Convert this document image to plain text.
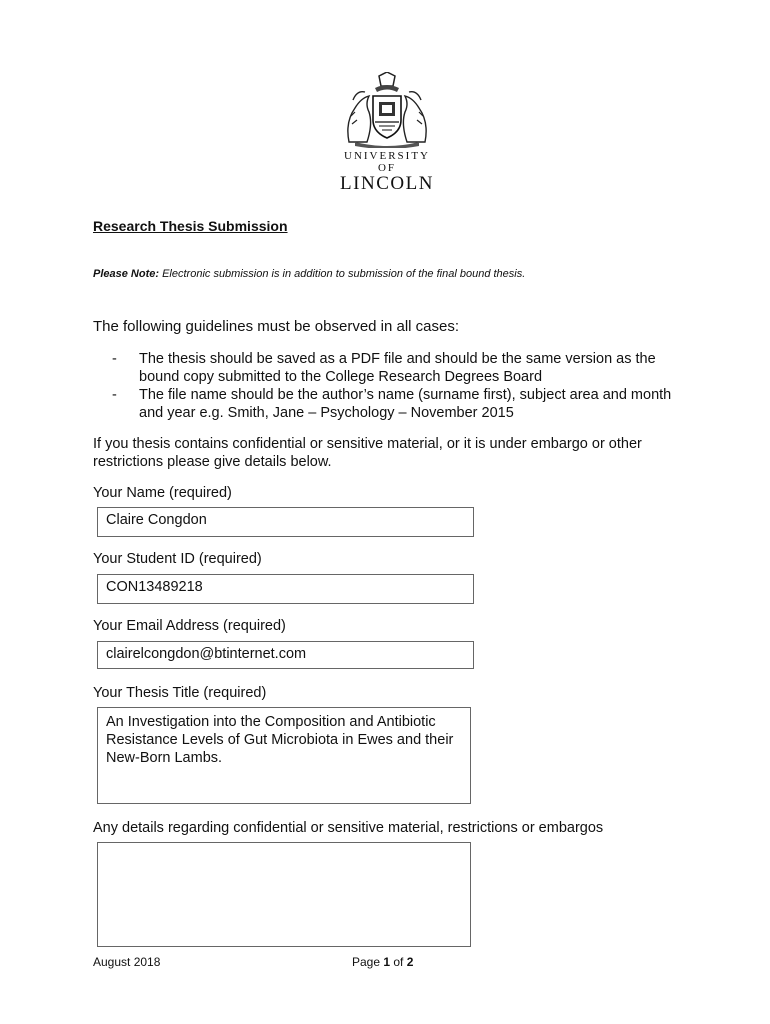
UNIVERSITY OF
LINCOLN
Research Thesis Submission
Please Note: Electronic submission is in addition to submission of the final bound thesis.
The following guidelines must be observed in all cases:
- The thesis should be saved as a PDF file and should be the same version as the bound copy submitted to the College Research Degrees Board
- The file name should be the author’s name (surname first), subject area and month and year e.g. Smith, Jane – Psychology – November 2015
If you thesis contains confidential or sensitive material, or it is under embargo or other restrictions please give details below.
Your Name (required)
Claire Congdon
Your Student ID (required)
CON13489218
Your Email Address (required)
clairelcongdon@btinternet.com
Your Thesis Title (required)
An Investigation into the Composition and Antibiotic Resistance Levels of Gut Microbiota in Ewes and their New-Born Lambs.
Any details regarding confidential or sensitive material, restrictions or embargos
August 2018	Page 1 of 2
